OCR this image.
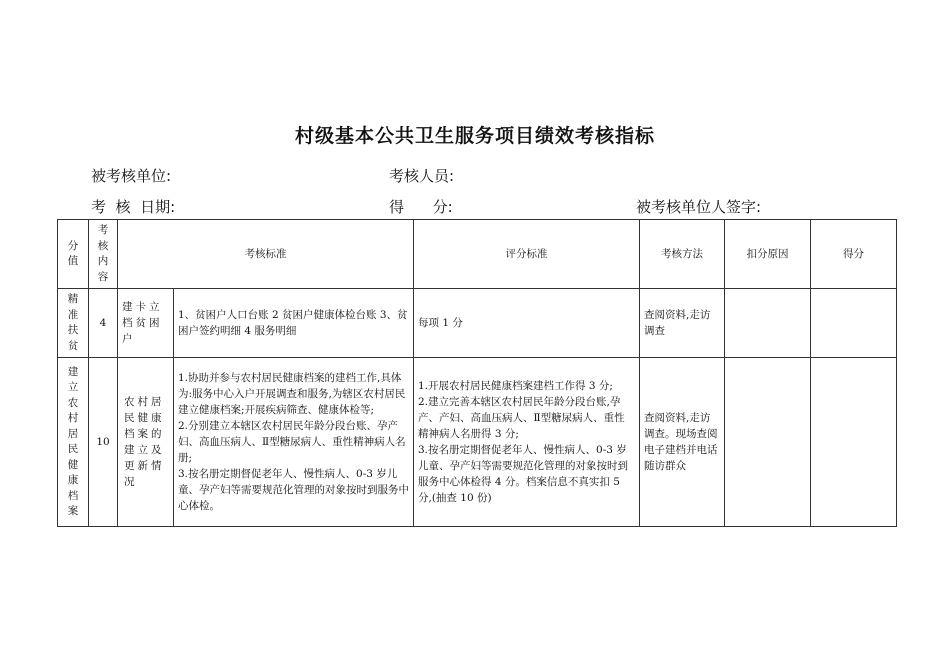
村级基本公共卫生服务项目绩效考核指标
被考核单位:	考核人员:
考  核  日期:	得      分:	被考核单位人签字:
分值	考核内容	考核标准		评分标准	考核方法	扣分原因	得分

精准扶贫	4	建卡立档贫困户	1、贫困户人口台账 2 贫困户健康体检台账 3、贫困户签约明细 4 服务明细	每项 1 分	查阅资料,走访调查		

建立农村居民健康档案	10	农村居民健康档案的建立及更新情况	1.协助并参与农村居民健康档案的建档工作,具体为:服务中心入户开展调查和服务,为辖区农村居民建立健康档案;开展疾病筛查、健康体检等;
2.分别建立本辖区农村居民年龄分段台账、孕产妇、高血压病人、Ⅱ型糖尿病人、重性精神病人名册;
3.按名册定期督促老年人、慢性病人、0-3 岁儿童、孕产妇等需要规范化管理的对象按时到服务中心体检。	1.开展农村居民健康档案建档工作得 3 分;
2.建立完善本辖区农村居民年龄分段台账,孕产、产妇、高血压病人、Ⅱ型糖尿病人、重性精神病人名册得 3 分;
3.按名册定期督促老年人、慢性病人、0-3 岁儿童、孕产妇等需要规范化管理的对象按时到服务中心体检得 4 分。档案信息不真实扣 5 分,(抽查 10 份)	查阅资料,走访调查。现场查阅电子建档并电话随访群众		
